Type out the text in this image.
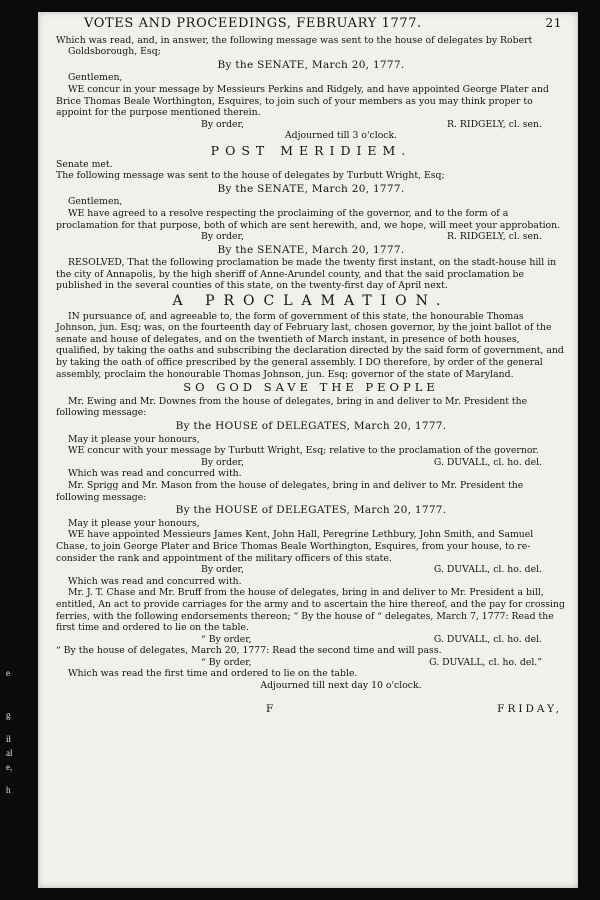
e
g
il
al
e,
h
VOTES AND PROCEEDINGS, FEBRUARY 1777.	21

Which was read, and, in answer, the following message was sent to the house of delegates by Robert Goldsborough, Esq;

By the SENATE, March 20, 1777.

Gentlemen,

WE concur in your message by Messieurs Perkins and Ridgely, and have appointed George Plater and Brice Thomas Beale Worthington, Esquires, to join such of your members as you may think proper to appoint for the purpose mentioned therein.

By order,	R. RIDGELY, cl. sen.

Adjourned till 3 o'clock.

POST MERIDIEM.

Senate met.

The following message was sent to the house of delegates by Turbutt Wright, Esq;

By the SENATE, March 20, 1777.

Gentlemen,

WE have agreed to a resolve respecting the proclaiming of the governor, and to the form of a proclamation for that purpose, both of which are sent herewith, and, we hope, will meet your approbation.

By order,	R. RIDGELY, cl. sen.

By the SENATE, March 20, 1777.

RESOLVED, That the following proclamation be made the twenty first instant, on the stadt-house hill in the city of Annapolis, by the high sheriff of Anne-Arundel county, and that the said proclamation be published in the several counties of this state, on the twenty-first day of April next.

A PROCLAMATION.

IN pursuance of, and agreeable to, the form of government of this state, the honourable Thomas Johnson, jun. Esq; was, on the fourteenth day of February last, chosen governor, by the joint ballot of the senate and house of delegates, and on the twentieth of March instant, in presence of both houses, qualified, by taking the oaths and subscribing the declaration directed by the said form of government, and by taking the oath of office prescribed by the general assembly. I DO therefore, by order of the general assembly, proclaim the honourable Thomas Johnson, jun. Esq; governor of the state of Maryland.

SO GOD SAVE THE PEOPLE

Mr. Ewing and Mr. Downes from the house of delegates, bring in and deliver to Mr. President the following message:

By the HOUSE of DELEGATES, March 20, 1777.

May it please your honours,

WE concur with your message by Turbutt Wright, Esq; relative to the proclamation of the governor.

By order,	G. DUVALL, cl. ho. del.

Which was read and concurred with.

Mr. Sprigg and Mr. Mason from the house of delegates, bring in and deliver to Mr. President the following message:

By the HOUSE of DELEGATES, March 20, 1777.

May it please your honours,

WE have appointed Messieurs James Kent, John Hall, Peregrine Lethbury, John Smith, and Samuel Chase, to join George Plater and Brice Thomas Beale Worthington, Esquires, from your house, to re-consider the rank and appointment of the military officers of this state.

By order,	G. DUVALL, cl. ho. del.

Which was read and concurred with.

Mr. J. T. Chase and Mr. Bruff from the house of delegates, bring in and deliver to Mr. President a bill, entitled, An act to provide carriages for the army and to ascertain the hire thereof, and the pay for crossing ferries, with the following endorsements thereon; “ By the house of “ delegates, March 7, 1777: Read the first time and ordered to lie on the table.

“ By order,	G. DUVALL, cl. ho. del.

“ By the house of delegates, March 20, 1777: Read the second time and will pass.

“ By order,	G. DUVALL, cl. ho. del.”

Which was read the first time and ordered to lie on the table.

Adjourned till next day 10 o'clock.

F	FRIDAY,
